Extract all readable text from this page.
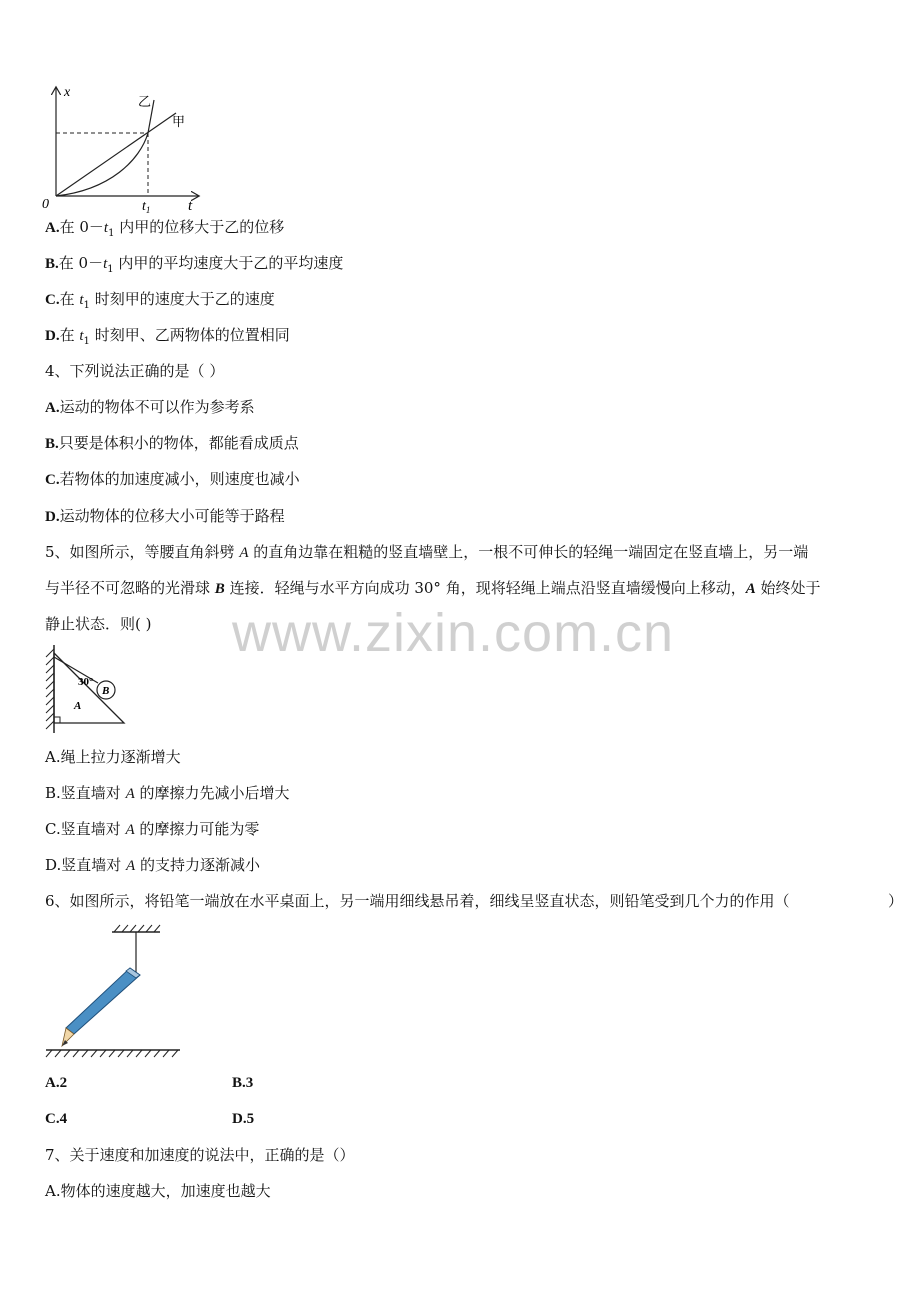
x
t
0	$t_1$
乙
甲
A.在 $0-t_1$ 内甲的位移大于乙的位移
B.在 $0-t_1$ 内甲的平均速度大于乙的平均速度
C.在 $t_1$ 时刻甲的速度大于乙的速度
D.在 $t_1$ 时刻甲、乙两物体的位置相同
4、下列说法正确的是（ ）
A.运动的物体不可以作为参考系
B.只要是体积小的物体，都能看成质点
C.若物体的加速度减小，则速度也减小
D.运动物体的位移大小可能等于路程
5、如图所示，等腰直角斜劈 A 的直角边靠在粗糙的竖直墙壁上，一根不可伸长的轻绳一端固定在竖直墙上，另一端
与半径不可忽略的光滑球 B 连接．轻绳与水平方向成功 30° 角，现将轻绳上端点沿竖直墙缓慢向上移动，A 始终处于
静止状态．则( ) www.zixin.com.cn
B
30°
A
A.绳上拉力逐渐增大
B.竖直墙对 A 的摩擦力先减小后增大
C.竖直墙对 A 的摩擦力可能为零
D.竖直墙对 A 的支持力逐渐减小
6、如图所示，将铅笔一端放在水平桌面上，另一端用细线悬吊着，细线呈竖直状态，则铅笔受到几个力的作用（	）
A.2	B.3
C.4	D.5
7、关于速度和加速度的说法中，正确的是（）
A.物体的速度越大，加速度也越大
